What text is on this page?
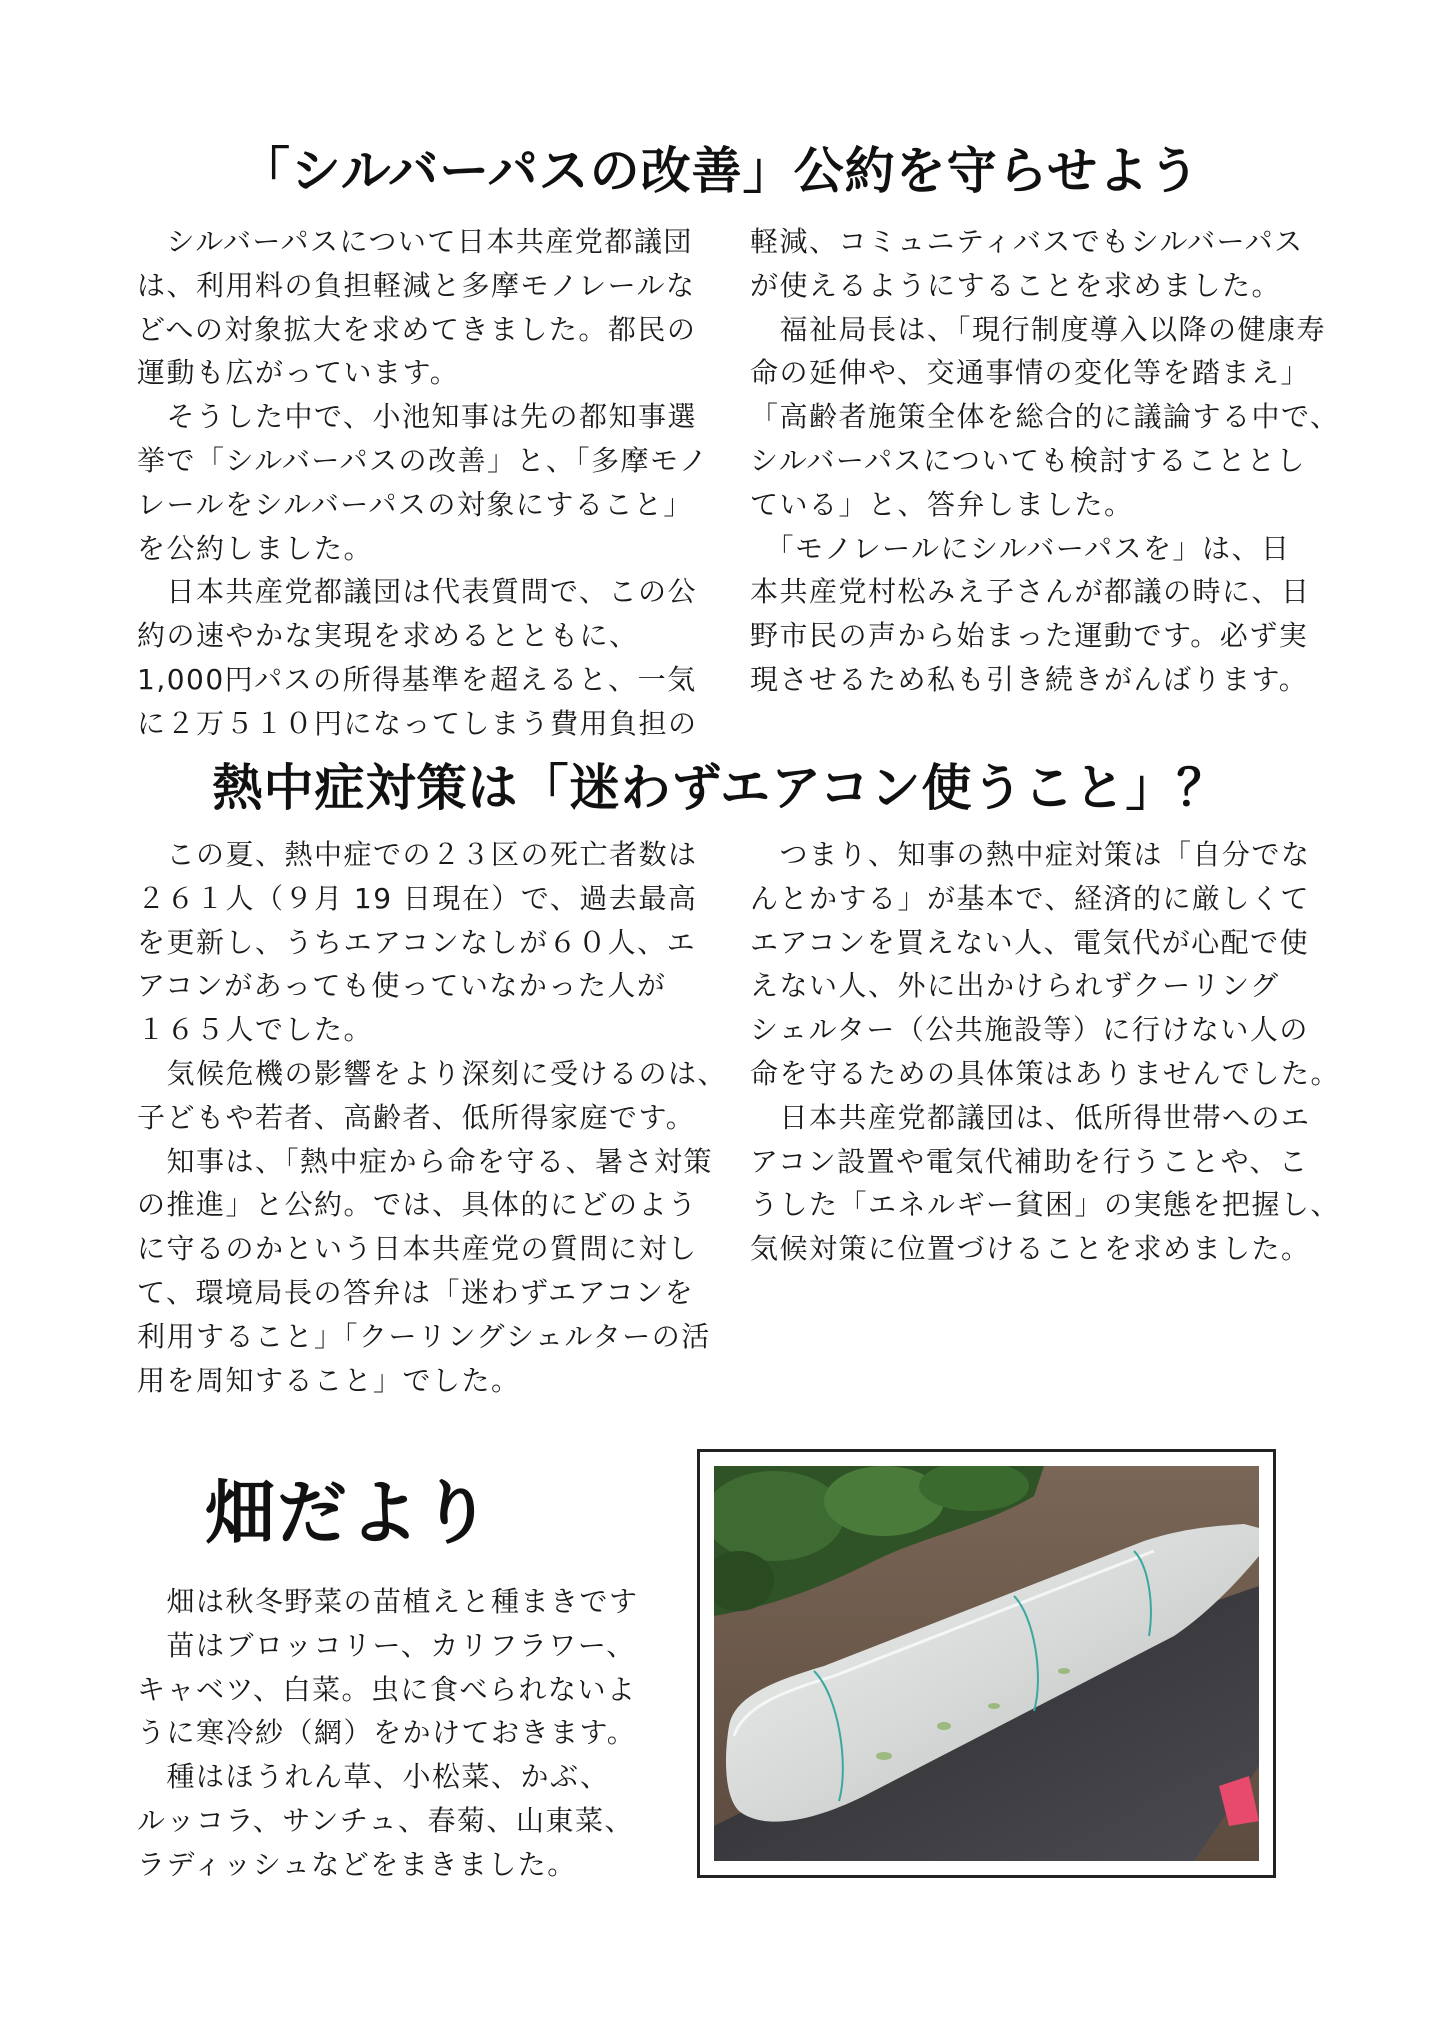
「シルバーパスの改善」公約を守らせよう

　シルバーパスについて日本共産党都議団

は、利用料の負担軽減と多摩モノレールな

どへの対象拡大を求めてきました。都民の

運動も広がっています。

　そうした中で、小池知事は先の都知事選

挙で「シルバーパスの改善」と、「多摩モノ

レールをシルバーパスの対象にすること」

を公約しました。

　日本共産党都議団は代表質問で、この公

約の速やかな実現を求めるとともに、

1,000円パスの所得基準を超えると、一気

に２万５１０円になってしまう費用負担の

軽減、コミュニティバスでもシルバーパス

が使えるようにすることを求めました。

　福祉局長は、「現行制度導入以降の健康寿

命の延伸や、交通事情の変化等を踏まえ」

「高齢者施策全体を総合的に議論する中で、

シルバーパスについても検討することとし

ている」と、答弁しました。

　「モノレールにシルバーパスを」は、日

本共産党村松みえ子さんが都議の時に、日

野市民の声から始まった運動です。必ず実

現させるため私も引き続きがんばります。

熱中症対策は「迷わずエアコン使うこと」？

　この夏、熱中症での２３区の死亡者数は

２６１人（９月 19 日現在）で、過去最高

を更新し、うちエアコンなしが６０人、エ

アコンがあっても使っていなかった人が

１６５人でした。

　気候危機の影響をより深刻に受けるのは、

子どもや若者、高齢者、低所得家庭です。

　知事は、「熱中症から命を守る、暑さ対策

の推進」と公約。では、具体的にどのよう

に守るのかという日本共産党の質問に対し

て、環境局長の答弁は「迷わずエアコンを

利用すること」「クーリングシェルターの活

用を周知すること」でした。

　つまり、知事の熱中症対策は「自分でな

んとかする」が基本で、経済的に厳しくて

エアコンを買えない人、電気代が心配で使

えない人、外に出かけられずクーリング

シェルター（公共施設等）に行けない人の

命を守るための具体策はありませんでした。

　日本共産党都議団は、低所得世帯へのエ

アコン設置や電気代補助を行うことや、こ

うした「エネルギー貧困」の実態を把握し、

気候対策に位置づけることを求めました。

畑だより

　畑は秋冬野菜の苗植えと種まきです

　苗はブロッコリー、カリフラワー、

キャベツ、白菜。虫に食べられないよ

うに寒冷紗（網）をかけておきます。

　種はほうれん草、小松菜、かぶ、

ルッコラ、サンチュ、春菊、山東菜、

ラディッシュなどをまきました。
